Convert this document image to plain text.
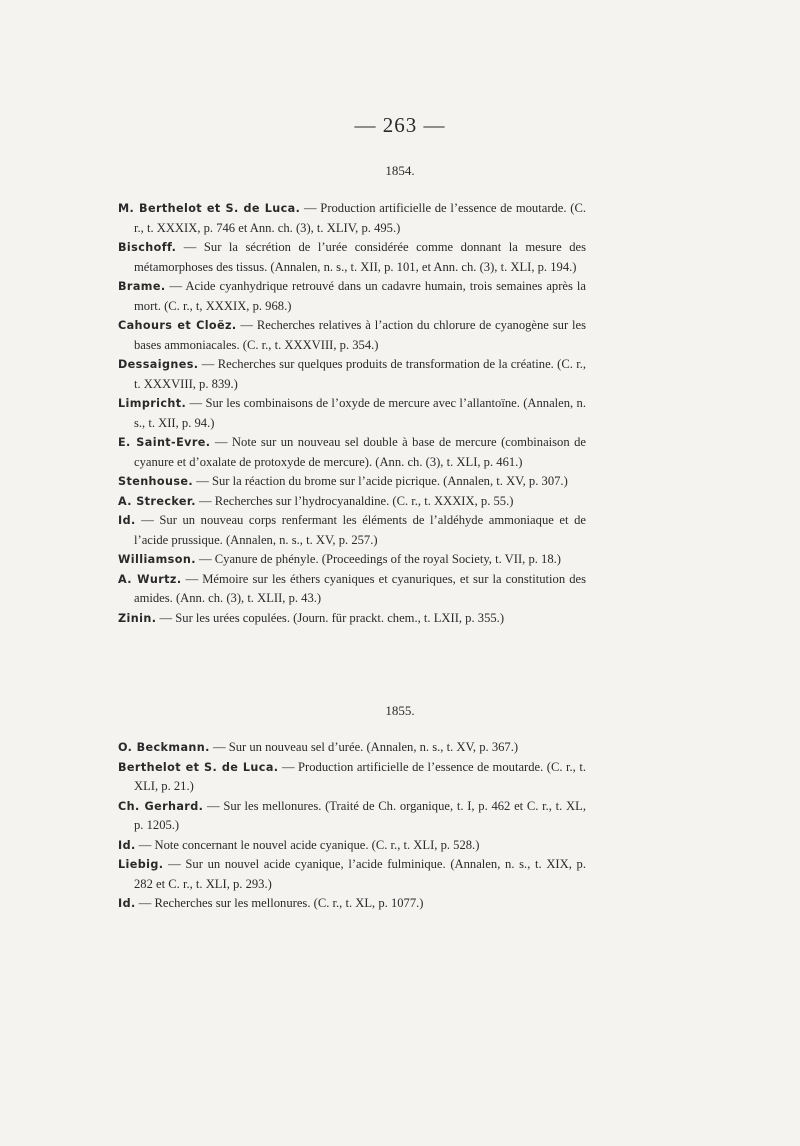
— 263 —
1854.
M. Berthelot et S. de Luca. — Production artificielle de l’essence de moutarde. (C. r., t. XXXIX, p. 746 et Ann. ch. (3), t. XLIV, p. 495.)
Bischoff. — Sur la sécrétion de l’urée considérée comme donnant la mesure des métamorphoses des tissus. (Annalen, n. s., t. XII, p. 101, et Ann. ch. (3), t. XLI, p. 194.)
Brame. — Acide cyanhydrique retrouvé dans un cadavre humain, trois semaines après la mort. (C. r., t, XXXIX, p. 968.)
Cahours et Cloëz. — Recherches relatives à l’action du chlorure de cyanogène sur les bases ammoniacales. (C. r., t. XXXVIII, p. 354.)
Dessaignes. — Recherches sur quelques produits de transformation de la créatine. (C. r., t. XXXVIII, p. 839.)
Limpricht. — Sur les combinaisons de l’oxyde de mercure avec l’allantoïne. (Annalen, n. s., t. XII, p. 94.)
E. Saint-Evre. — Note sur un nouveau sel double à base de mercure (combinaison de cyanure et d’oxalate de protoxyde de mercure). (Ann. ch. (3), t. XLI, p. 461.)
Stenhouse. — Sur la réaction du brome sur l’acide picrique. (Annalen, t. XV, p. 307.)
A. Strecker. — Recherches sur l’hydrocyanaldine. (C. r., t. XXXIX, p. 55.)
Id. — Sur un nouveau corps renfermant les éléments de l’aldéhyde ammoniaque et de l’acide prussique. (Annalen, n. s., t. XV, p. 257.)
Williamson. — Cyanure de phényle. (Proceedings of the royal Society, t. VII, p. 18.)
A. Wurtz. — Mémoire sur les éthers cyaniques et cyanuriques, et sur la constitution des amides. (Ann. ch. (3), t. XLII, p. 43.)
Zinin. — Sur les urées copulées. (Journ. für prackt. chem., t. LXII, p. 355.)
1855.
O. Beckmann. — Sur un nouveau sel d’urée. (Annalen, n. s., t. XV, p. 367.)
Berthelot et S. de Luca. — Production artificielle de l’essence de moutarde. (C. r., t. XLI, p. 21.)
Ch. Gerhard. — Sur les mellonures. (Traité de Ch. organique, t. I, p. 462 et C. r., t. XL, p. 1205.)
Id. — Note concernant le nouvel acide cyanique. (C. r., t. XLI, p. 528.)
Liebig. — Sur un nouvel acide cyanique, l’acide fulminique. (Annalen, n. s., t. XIX, p. 282 et C. r., t. XLI, p. 293.)
Id. — Recherches sur les mellonures. (C. r., t. XL, p. 1077.)
